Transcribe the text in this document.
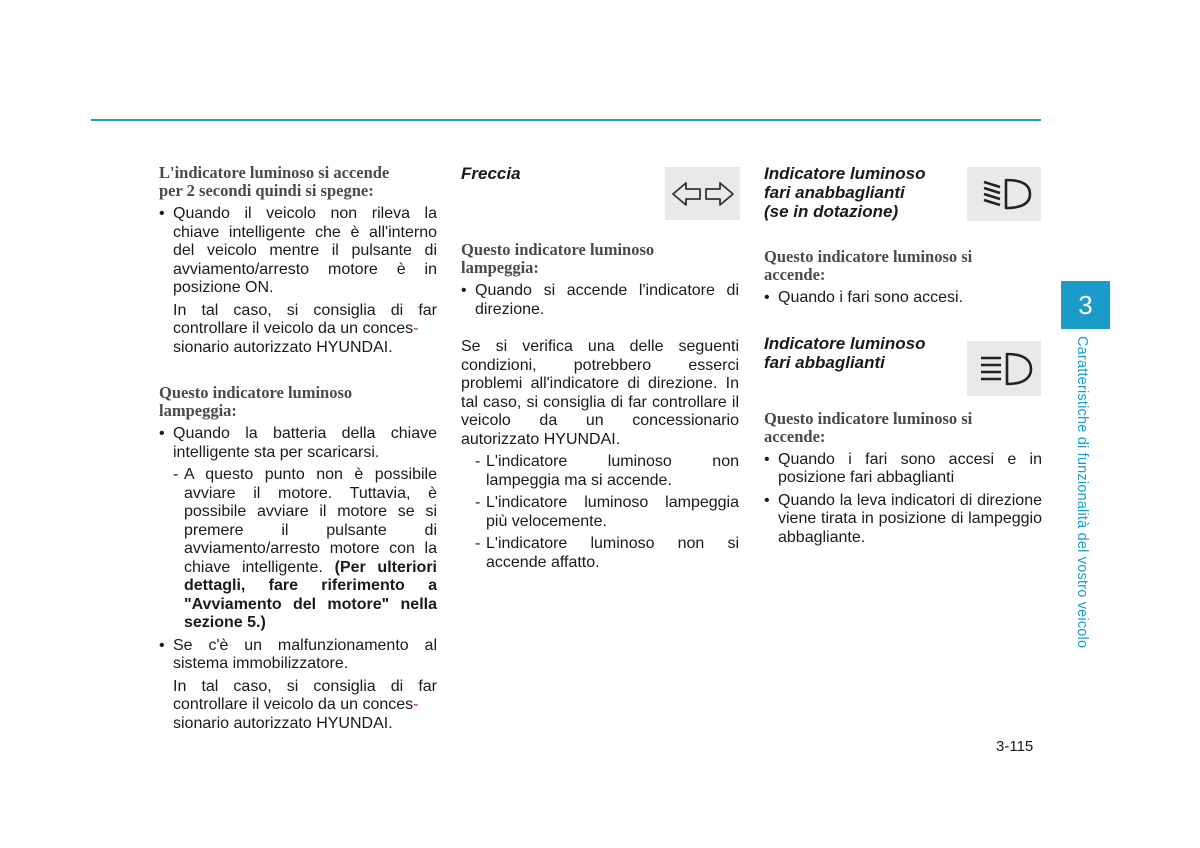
L'indicatore luminoso si accende
per 2 secondi quindi si spegne:
• Quando il veicolo non rileva la chiave intelligente che è all'interno del veicolo mentre il pulsante di avviamento/arresto motore è in posizione ON.
In tal caso, si consiglia di far controllare il veicolo da un conces-
sionario autorizzato HYUNDAI.
Questo indicatore luminoso
lampeggia:
• Quando la batteria della chiave intelligente sta per scaricarsi.
- A questo punto non è possibile avviare il motore. Tuttavia, è possibile avviare il motore se si premere il pulsante di avviamento/arresto motore con la chiave intelligente. (Per ulteriori dettagli, fare riferimento a "Avviamento del motore" nella sezione 5.)
• Se c'è un malfunzionamento al sistema immobilizzatore.
In tal caso, si consiglia di far controllare il veicolo da un conces-
sionario autorizzato HYUNDAI.
Freccia
Questo indicatore luminoso
lampeggia:
• Quando si accende l'indicatore di direzione.
Se si verifica una delle seguenti condizioni, potrebbero esserci problemi all'indicatore di direzione. In tal caso, si consiglia di far controllare il veicolo da un concessionario autorizzato HYUNDAI.
- L'indicatore luminoso non lampeggia ma si accende.
- L'indicatore luminoso lampeggia più velocemente.
- L'indicatore luminoso non si accende affatto.
Indicatore luminoso
fari anabbaglianti
(se in dotazione)
Questo indicatore luminoso si
accende:
• Quando i fari sono accesi.
Indicatore luminoso
fari abbaglianti
Questo indicatore luminoso si
accende:
• Quando i fari sono accesi e in posizione fari abbaglianti
• Quando la leva indicatori di direzione viene tirata in posizione di lampeggio abbagliante.
3
Caratteristiche di funzionalità del vostro veicolo
3-115
